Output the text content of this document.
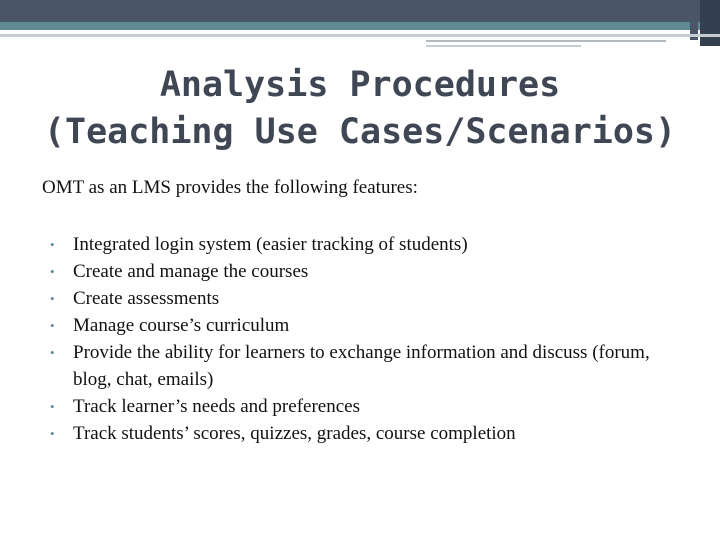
Analysis Procedures
(Teaching Use Cases/Scenarios)

OMT as an LMS provides the following features:

• Integrated login system (easier tracking of students)
• Create and manage the courses
• Create assessments
• Manage course’s curriculum
• Provide the ability for learners to exchange information and discuss (forum, blog, chat, emails)
• Track learner’s needs and preferences
• Track students’ scores, quizzes, grades, course completion
